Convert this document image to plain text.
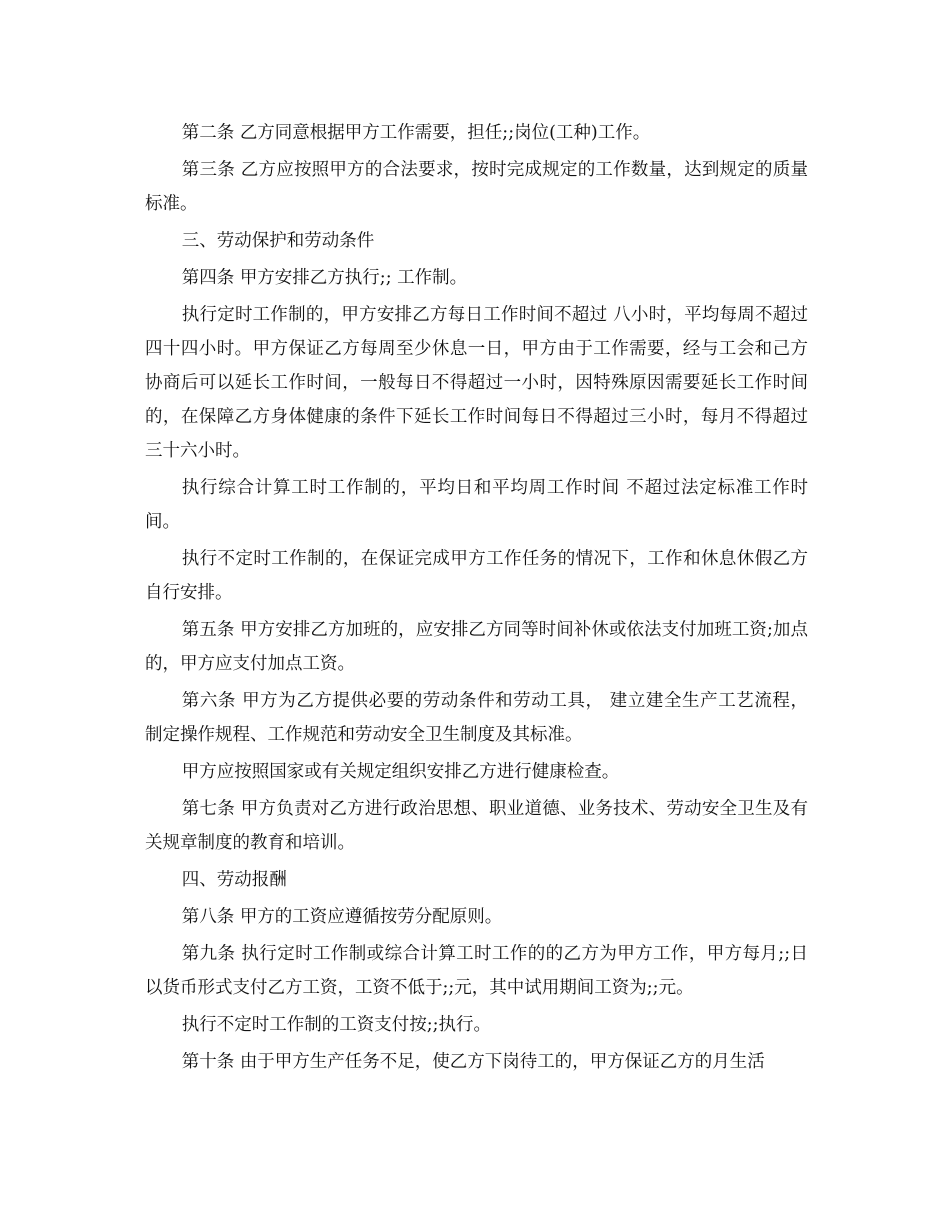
第二条 乙方同意根据甲方工作需要，担任;;岗位(工种)工作。

第三条 乙方应按照甲方的合法要求，按时完成规定的工作数量，达到规定的质量标准。

三、劳动保护和劳动条件

第四条 甲方安排乙方执行;; 工作制。

执行定时工作制的，甲方安排乙方每日工作时间不超过 八小时，平均每周不超过四十四小时。甲方保证乙方每周至少休息一日，甲方由于工作需要，经与工会和己方协商后可以延长工作时间，一般每日不得超过一小时，因特殊原因需要延长工作时间的，在保障乙方身体健康的条件下延长工作时间每日不得超过三小时，每月不得超过三十六小时。

执行综合计算工时工作制的，平均日和平均周工作时间 不超过法定标准工作时间。

执行不定时工作制的，在保证完成甲方工作任务的情况下，工作和休息休假乙方自行安排。

第五条 甲方安排乙方加班的，应安排乙方同等时间补休或依法支付加班工资;加点的，甲方应支付加点工资。

第六条 甲方为乙方提供必要的劳动条件和劳动工具， 建立建全生产工艺流程， 制定操作规程、工作规范和劳动安全卫生制度及其标准。

甲方应按照国家或有关规定组织安排乙方进行健康检查。

第七条 甲方负责对乙方进行政治思想、职业道德、业务技术、劳动安全卫生及有关规章制度的教育和培训。

四、劳动报酬

第八条 甲方的工资应遵循按劳分配原则。

第九条 执行定时工作制或综合计算工时工作的的乙方为甲方工作，甲方每月;;日以货币形式支付乙方工资，工资不低于;;元，其中试用期间工资为;;元。

执行不定时工作制的工资支付按;;执行。

第十条 由于甲方生产任务不足，使乙方下岗待工的，甲方保证乙方的月生活
